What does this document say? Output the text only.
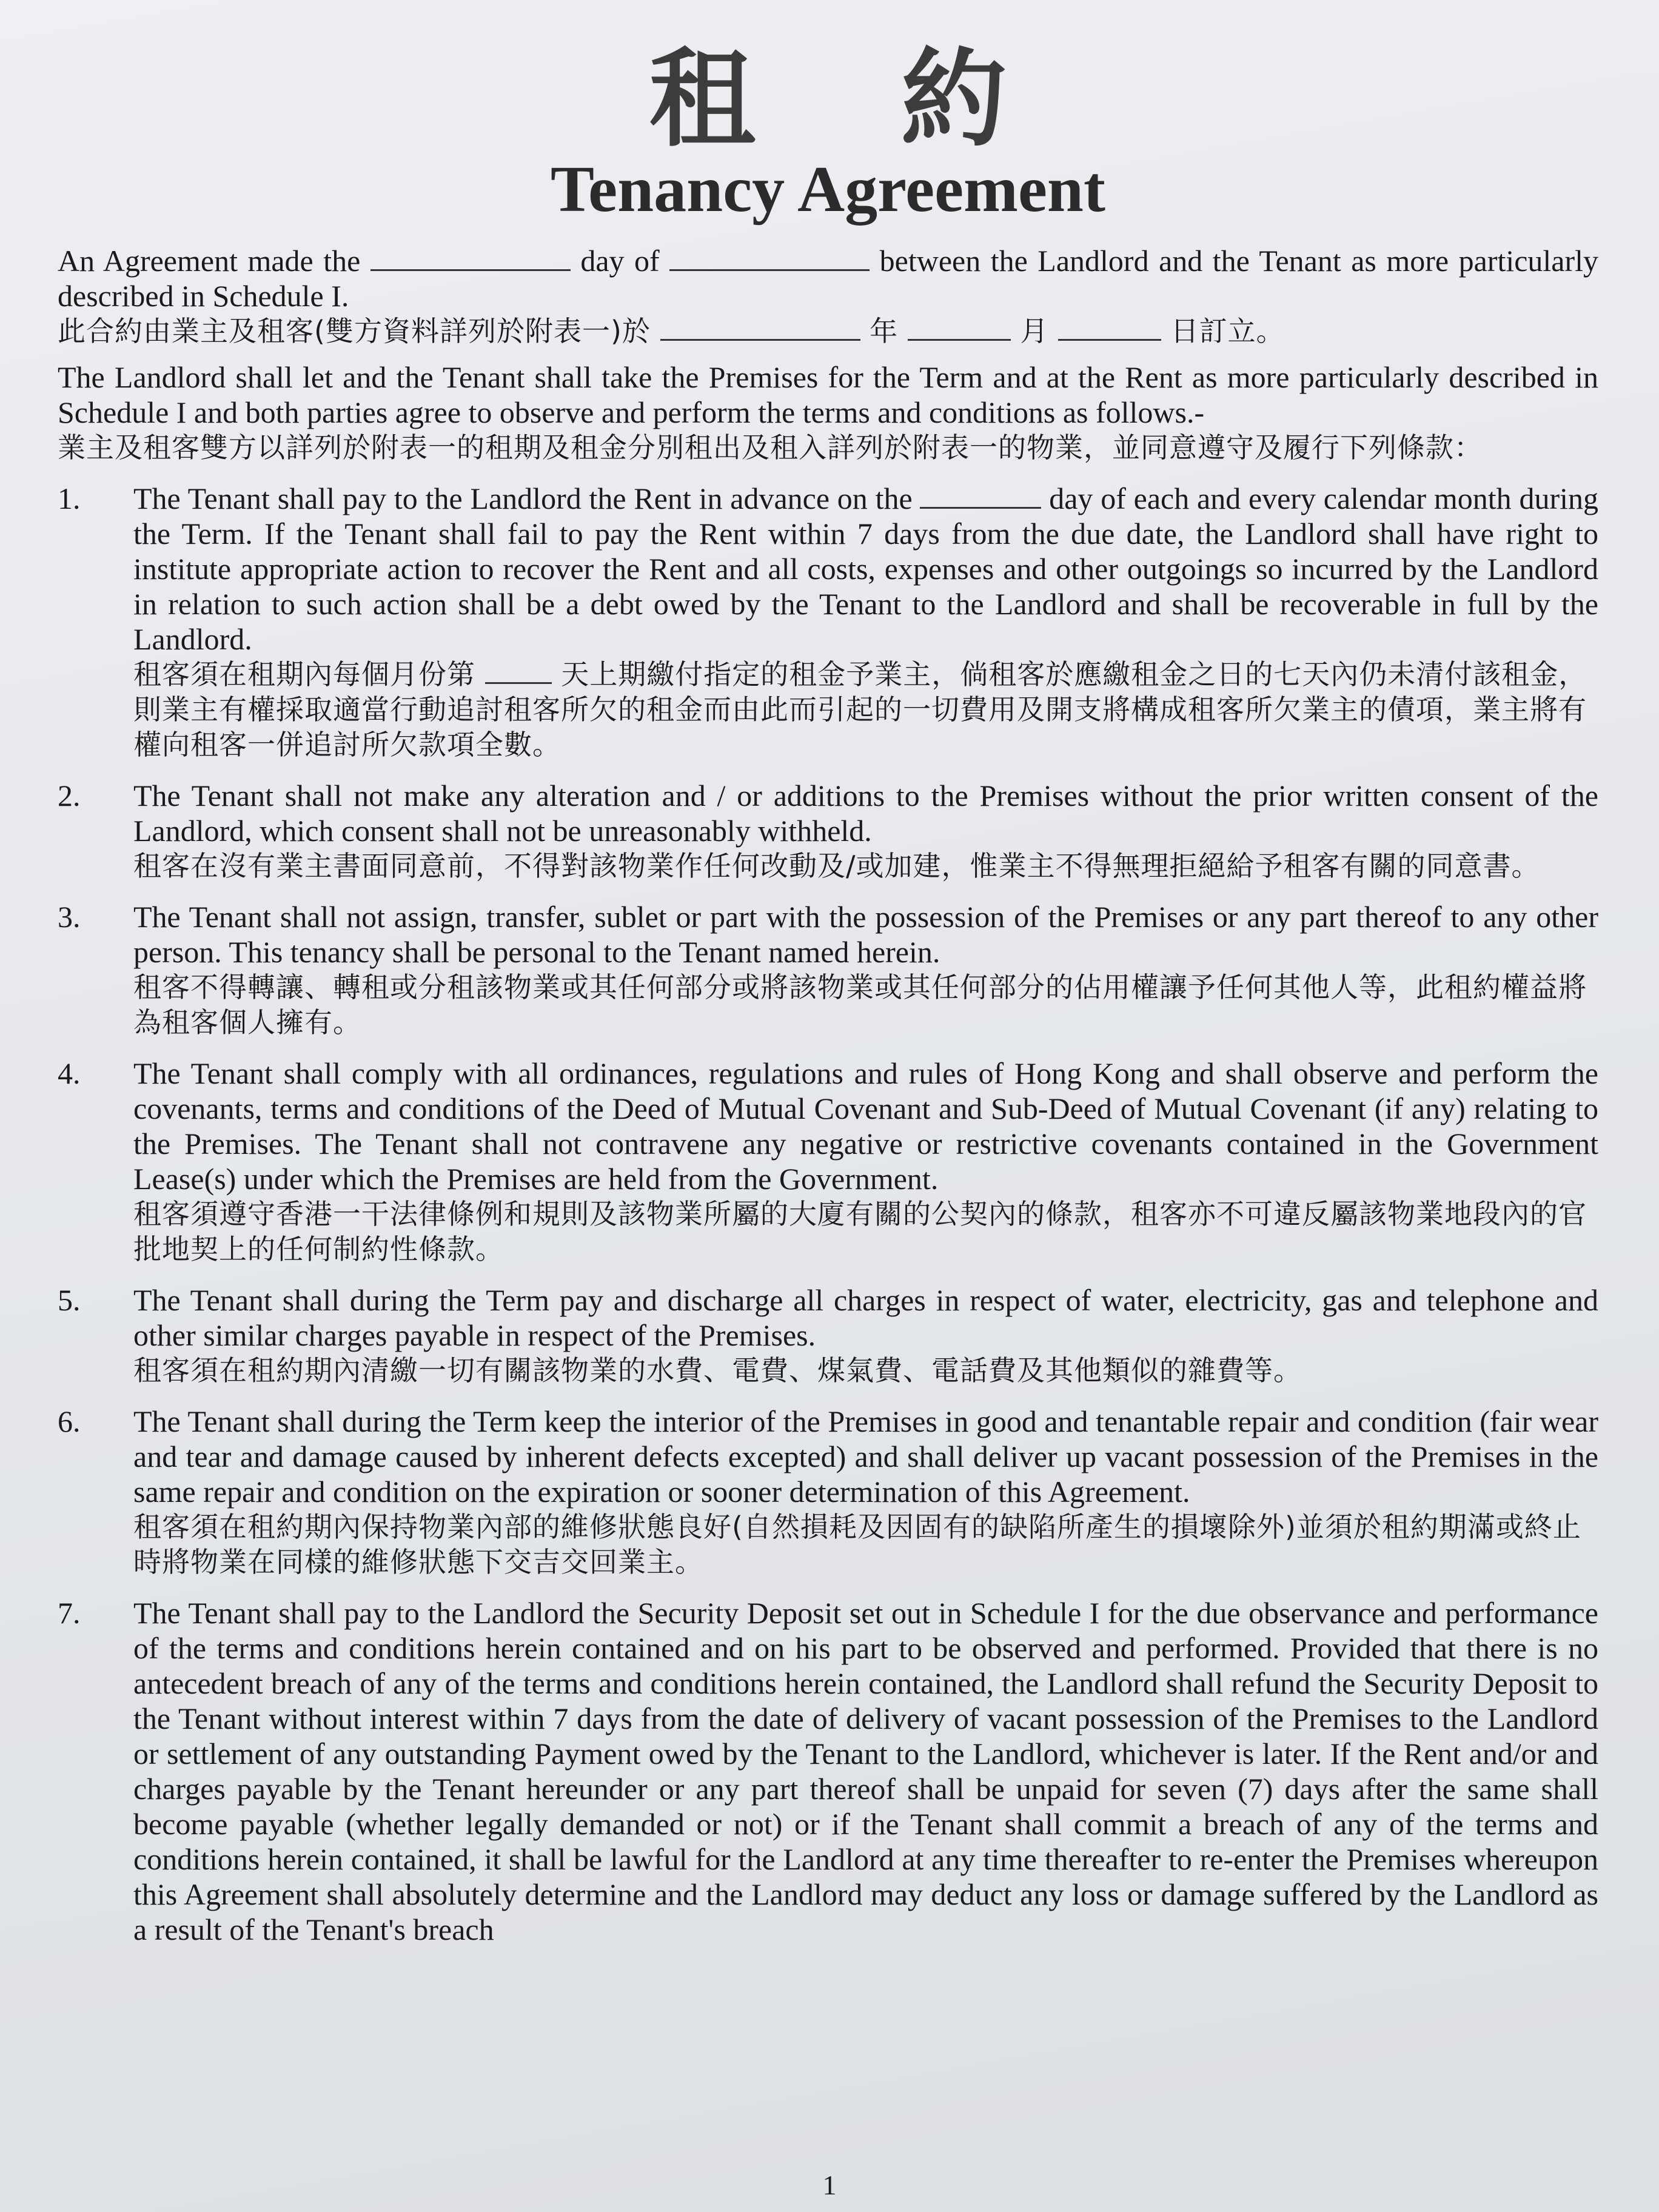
租約
Tenancy Agreement
An Agreement made the	day of	between the Landlord and the Tenant as more particularly described in Schedule I.
此合約由業主及租客(雙方資料詳列於附表一)於	年	月	日訂立。
The Landlord shall let and the Tenant shall take the Premises for the Term and at the Rent as more particularly described in Schedule I and both parties agree to observe and perform the terms and conditions as follows.-
業主及租客雙方以詳列於附表一的租期及租金分別租出及租入詳列於附表一的物業，並同意遵守及履行下列條款：
1.	The Tenant shall pay to the Landlord the Rent in advance on the	day of each and every calendar month during the Term. If the Tenant shall fail to pay the Rent within 7 days from the due date, the Landlord shall have right to institute appropriate action to recover the Rent and all costs, expenses and other outgoings so incurred by the Landlord in relation to such action shall be a debt owed by the Tenant to the Landlord and shall be recoverable in full by the Landlord.
租客須在租期內每個月份第	天上期繳付指定的租金予業主，倘租客於應繳租金之日的七天內仍未清付該租金，則業主有權採取適當行動追討租客所欠的租金而由此而引起的一切費用及開支將構成租客所欠業主的債項，業主將有權向租客一併追討所欠款項全數。
2.	The Tenant shall not make any alteration and / or additions to the Premises without the prior written consent of the Landlord, which consent shall not be unreasonably withheld.
租客在沒有業主書面同意前，不得對該物業作任何改動及/或加建，惟業主不得無理拒絕給予租客有關的同意書。
3.	The Tenant shall not assign, transfer, sublet or part with the possession of the Premises or any part thereof to any other person. This tenancy shall be personal to the Tenant named herein.
租客不得轉讓、轉租或分租該物業或其任何部分或將該物業或其任何部分的佔用權讓予任何其他人等，此租約權益將為租客個人擁有。
4.	The Tenant shall comply with all ordinances, regulations and rules of Hong Kong and shall observe and perform the covenants, terms and conditions of the Deed of Mutual Covenant and Sub-Deed of Mutual Covenant (if any) relating to the Premises. The Tenant shall not contravene any negative or restrictive covenants contained in the Government Lease(s) under which the Premises are held from the Government.
租客須遵守香港一干法律條例和規則及該物業所屬的大廈有關的公契內的條款，租客亦不可違反屬該物業地段內的官批地契上的任何制約性條款。
5.	The Tenant shall during the Term pay and discharge all charges in respect of water, electricity, gas and telephone and other similar charges payable in respect of the Premises.
租客須在租約期內清繳一切有關該物業的水費、電費、煤氣費、電話費及其他類似的雜費等。
6.	The Tenant shall during the Term keep the interior of the Premises in good and tenantable repair and condition (fair wear and tear and damage caused by inherent defects excepted) and shall deliver up vacant possession of the Premises in the same repair and condition on the expiration or sooner determination of this Agreement.
租客須在租約期內保持物業內部的維修狀態良好(自然損耗及因固有的缺陷所產生的損壞除外)並須於租約期滿或終止時將物業在同樣的維修狀態下交吉交回業主。
7.	The Tenant shall pay to the Landlord the Security Deposit set out in Schedule I for the due observance and performance of the terms and conditions herein contained and on his part to be observed and performed. Provided that there is no antecedent breach of any of the terms and conditions herein contained, the Landlord shall refund the Security Deposit to the Tenant without interest within 7 days from the date of delivery of vacant possession of the Premises to the Landlord or settlement of any outstanding Payment owed by the Tenant to the Landlord, whichever is later. If the Rent and/or and charges payable by the Tenant hereunder or any part thereof shall be unpaid for seven (7) days after the same shall become payable (whether legally demanded or not) or if the Tenant shall commit a breach of any of the terms and conditions herein contained, it shall be lawful for the Landlord at any time thereafter to re-enter the Premises whereupon this Agreement shall absolutely determine and the Landlord may deduct any loss or damage suffered by the Landlord as a result of the Tenant's breach
1
